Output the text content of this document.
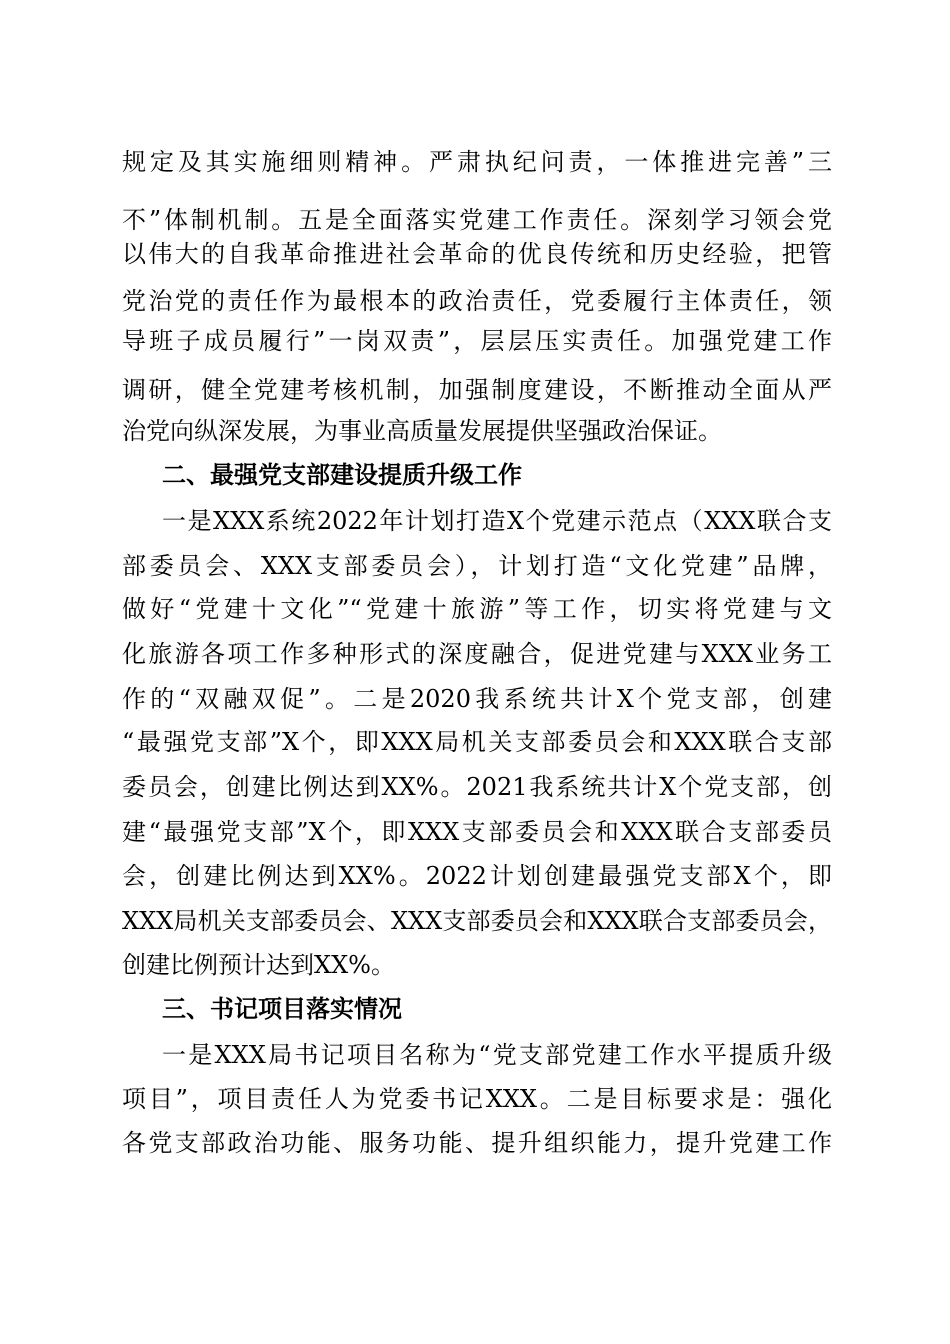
规定及其实施细则精神。严肃执纪问责，一体推进完善”三
不”体制机制。五是全面落实党建工作责任。深刻学习领会党
以伟大的自我革命推进社会革命的优良传统和历史经验，把管
党治党的责任作为最根本的政治责任，党委履行主体责任，领
导班子成员履行”一岗双责”，层层压实责任。加强党建工作
调研，健全党建考核机制，加强制度建设，不断推动全面从严
治党向纵深发展，为事业高质量发展提供坚强政治保证。
二、最强党支部建设提质升级工作
一是XXX系统2022年计划打造X个党建示范点（XXX联合支
部委员会、XXX支部委员会），计划打造“文化党建”品牌，
做好“党建十文化”“党建十旅游”等工作，切实将党建与文
化旅游各项工作多种形式的深度融合，促进党建与XXX业务工
作的“双融双促”。二是2020我系统共计X个党支部，创建
“最强党支部”X个，即XXX局机关支部委员会和XXX联合支部
委员会，创建比例达到XX%。2021我系统共计X个党支部，创
建“最强党支部”X个，即XXX支部委员会和XXX联合支部委员
会，创建比例达到XX%。2022计划创建最强党支部X个，即
XXX局机关支部委员会、XXX支部委员会和XXX联合支部委员会，
创建比例预计达到XX%。
三、书记项目落实情况
一是XXX局书记项目名称为“党支部党建工作水平提质升级
项目”，项目责任人为党委书记XXX。二是目标要求是：强化
各党支部政治功能、服务功能、提升组织能力，提升党建工作
